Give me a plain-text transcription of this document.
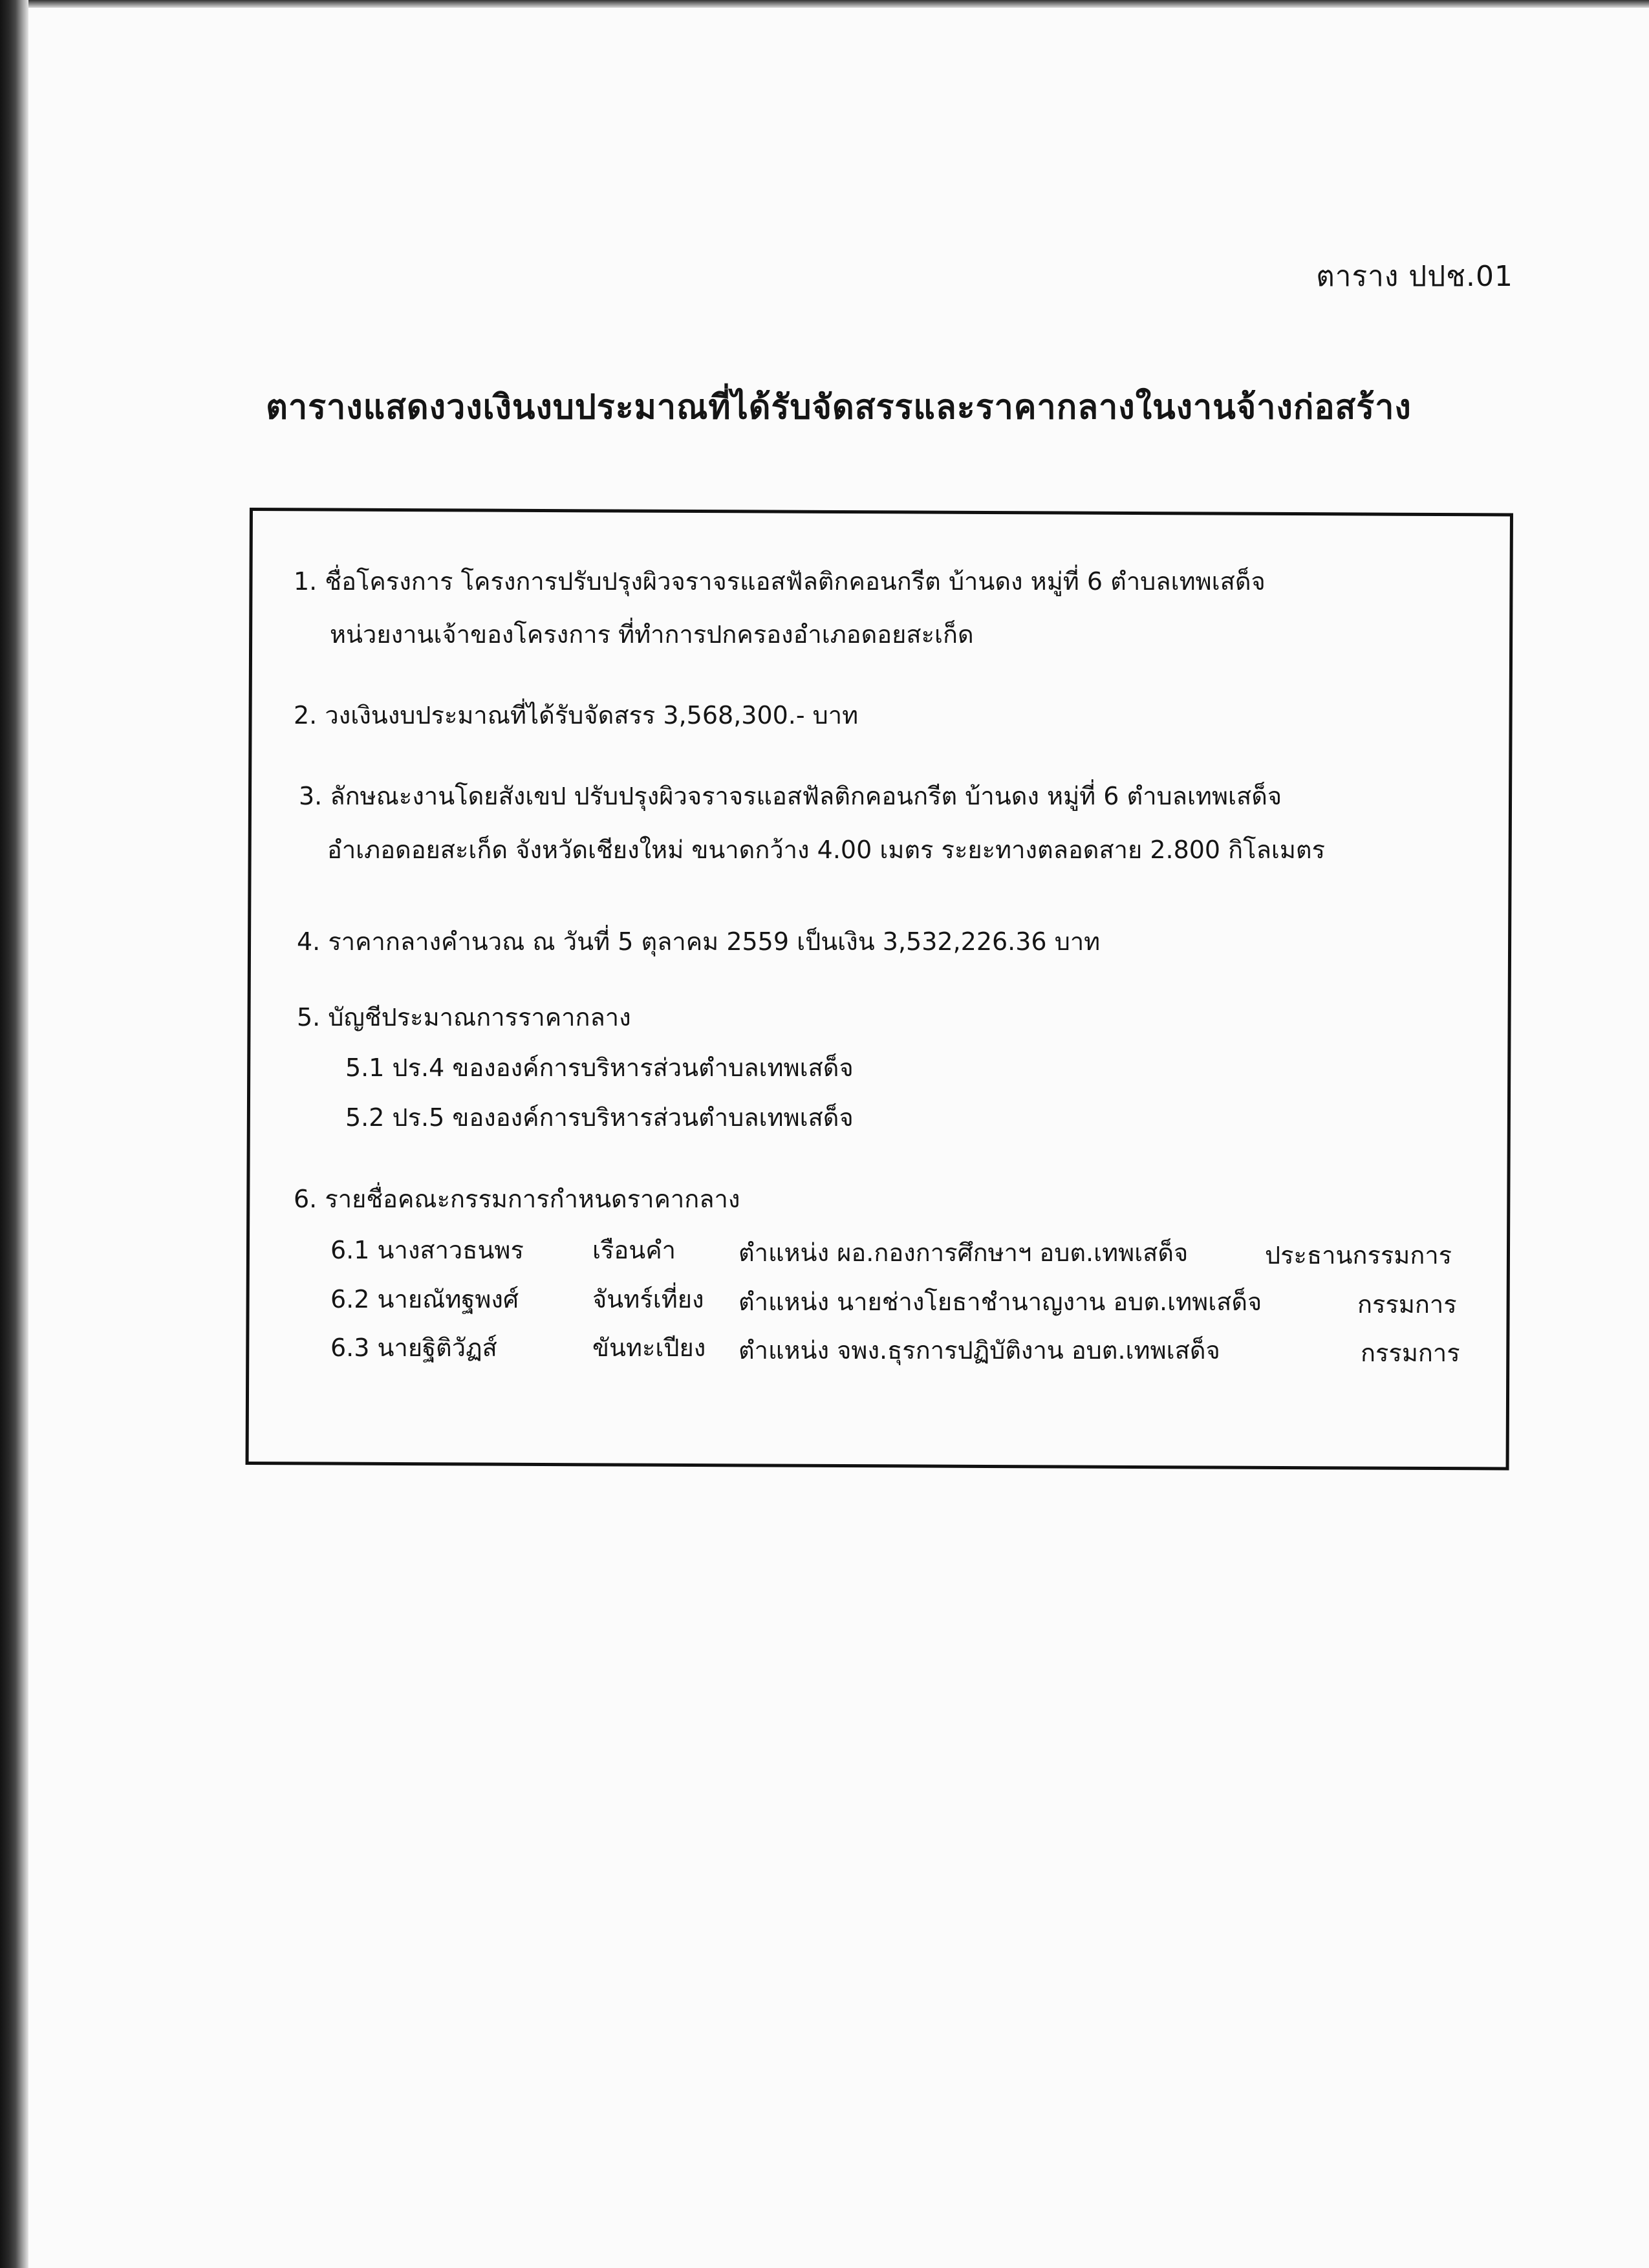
ตาราง ปปช.01
ตารางแสดงวงเงินงบประมาณที่ได้รับจัดสรรและราคากลางในงานจ้างก่อสร้าง
1. ชื่อโครงการ โครงการปรับปรุงผิวจราจรแอสฟัลติกคอนกรีต บ้านดง หมู่ที่ 6 ตำบลเทพเสด็จ
หน่วยงานเจ้าของโครงการ ที่ทำการปกครองอำเภอดอยสะเก็ด
2. วงเงินงบประมาณที่ได้รับจัดสรร 3,568,300.- บาท
3. ลักษณะงานโดยสังเขป ปรับปรุงผิวจราจรแอสฟัลติกคอนกรีต บ้านดง หมู่ที่ 6 ตำบลเทพเสด็จ
อำเภอดอยสะเก็ด จังหวัดเชียงใหม่ ขนาดกว้าง 4.00 เมตร ระยะทางตลอดสาย 2.800 กิโลเมตร
4. ราคากลางคำนวณ ณ วันที่ 5 ตุลาคม 2559 เป็นเงิน 3,532,226.36 บาท
5. บัญชีประมาณการราคากลาง
5.1 ปร.4 ขององค์การบริหารส่วนตำบลเทพเสด็จ
5.2 ปร.5 ขององค์การบริหารส่วนตำบลเทพเสด็จ
6. รายชื่อคณะกรรมการกำหนดราคากลาง
6.1 นางสาวธนพร	เรือนคำ	ตำแหน่ง ผอ.กองการศึกษาฯ อบต.เทพเสด็จ	ประธานกรรมการ
6.2 นายณัทฐพงศ์	จันทร์เที่ยง ตำแหน่ง นายช่างโยธาชำนาญงาน อบต.เทพเสด็จ	กรรมการ
6.3 นายฐิติวัฏส์	ขันทะเปียง ตำแหน่ง จพง.ธุรการปฏิบัติงาน อบต.เทพเสด็จ	กรรมการ
